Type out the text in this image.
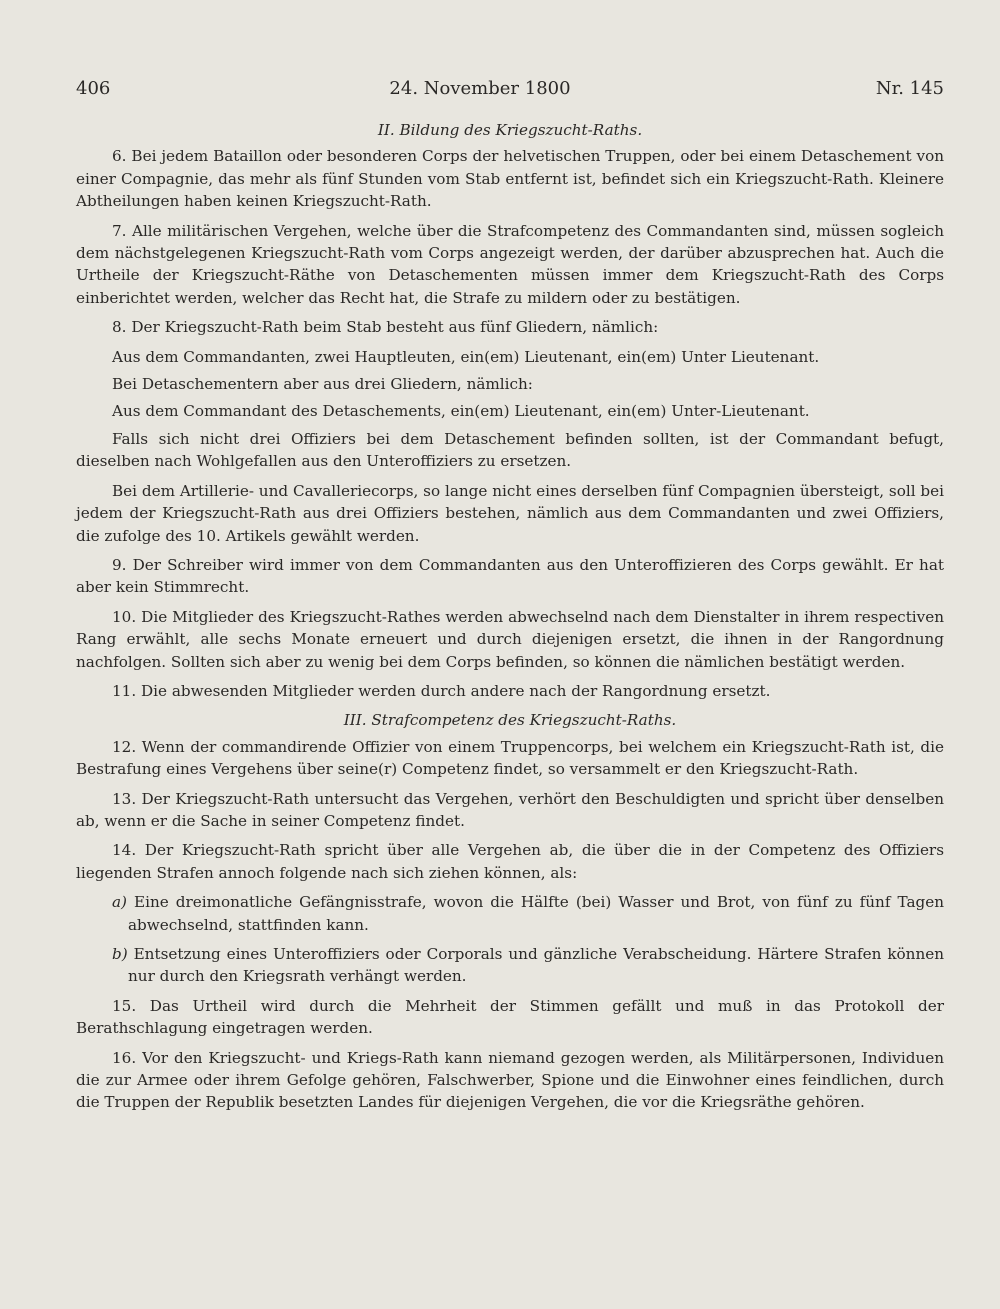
406	24. November 1800	Nr. 145
II. Bildung des Kriegszucht-Raths.

6. Bei jedem Bataillon oder besonderen Corps der helvetischen Truppen, oder bei einem Detaschement von einer Compagnie, das mehr als fünf Stunden vom Stab entfernt ist, befindet sich ein Kriegszucht-Rath. Kleinere Abtheilungen haben keinen Kriegszucht-Rath.

7. Alle militärischen Vergehen, welche über die Strafcompetenz des Commandanten sind, müssen sogleich dem nächstgelegenen Kriegszucht-Rath vom Corps angezeigt werden, der darüber abzusprechen hat. Auch die Urtheile der Kriegszucht-Räthe von Detaschementen müssen immer dem Kriegszucht-Rath des Corps einberichtet werden, welcher das Recht hat, die Strafe zu mildern oder zu bestätigen.

8. Der Kriegszucht-Rath beim Stab besteht aus fünf Gliedern, nämlich:

Aus dem Commandanten, zwei Hauptleuten, ein(em) Lieutenant, ein(em) Unter Lieutenant.

Bei Detaschementern aber aus drei Gliedern, nämlich:

Aus dem Commandant des Detaschements, ein(em) Lieutenant, ein(em) Unter-Lieutenant.

Falls sich nicht drei Offiziers bei dem Detaschement befinden sollten, ist der Commandant befugt, dieselben nach Wohlgefallen aus den Unteroffiziers zu ersetzen.

Bei dem Artillerie- und Cavalleriecorps, so lange nicht eines derselben fünf Compagnien übersteigt, soll bei jedem der Kriegszucht-Rath aus drei Offiziers bestehen, nämlich aus dem Commandanten und zwei Offiziers, die zufolge des 10. Artikels gewählt werden.

9. Der Schreiber wird immer von dem Commandanten aus den Unteroffizieren des Corps gewählt. Er hat aber kein Stimmrecht.

10. Die Mitglieder des Kriegszucht-Rathes werden abwechselnd nach dem Dienstalter in ihrem respectiven Rang erwählt, alle sechs Monate erneuert und durch diejenigen ersetzt, die ihnen in der Rangordnung nachfolgen. Sollten sich aber zu wenig bei dem Corps befinden, so können die nämlichen bestätigt werden.

11. Die abwesenden Mitglieder werden durch andere nach der Rangordnung ersetzt.

III. Strafcompetenz des Kriegszucht-Raths.

12. Wenn der commandirende Offizier von einem Truppencorps, bei welchem ein Kriegszucht-Rath ist, die Bestrafung eines Vergehens über seine(r) Competenz findet, so versammelt er den Kriegszucht-Rath.

13. Der Kriegszucht-Rath untersucht das Vergehen, verhört den Beschuldigten und spricht über denselben ab, wenn er die Sache in seiner Competenz findet.

14. Der Kriegszucht-Rath spricht über alle Vergehen ab, die über die in der Competenz des Offiziers liegenden Strafen annoch folgende nach sich ziehen können, als:

a) Eine dreimonatliche Gefängnisstrafe, wovon die Hälfte (bei) Wasser und Brot, von fünf zu fünf Tagen abwechselnd, stattfinden kann.

b) Entsetzung eines Unteroffiziers oder Corporals und gänzliche Verabscheidung. Härtere Strafen können nur durch den Kriegsrath verhängt werden.

15. Das Urtheil wird durch die Mehrheit der Stimmen gefällt und muß in das Protokoll der Berathschlagung eingetragen werden.

16. Vor den Kriegszucht- und Kriegs-Rath kann niemand gezogen werden, als Militärpersonen, Individuen die zur Armee oder ihrem Gefolge gehören, Falschwerber, Spione und die Einwohner eines feindlichen, durch die Truppen der Republik besetzten Landes für diejenigen Vergehen, die vor die Kriegsräthe gehören.
